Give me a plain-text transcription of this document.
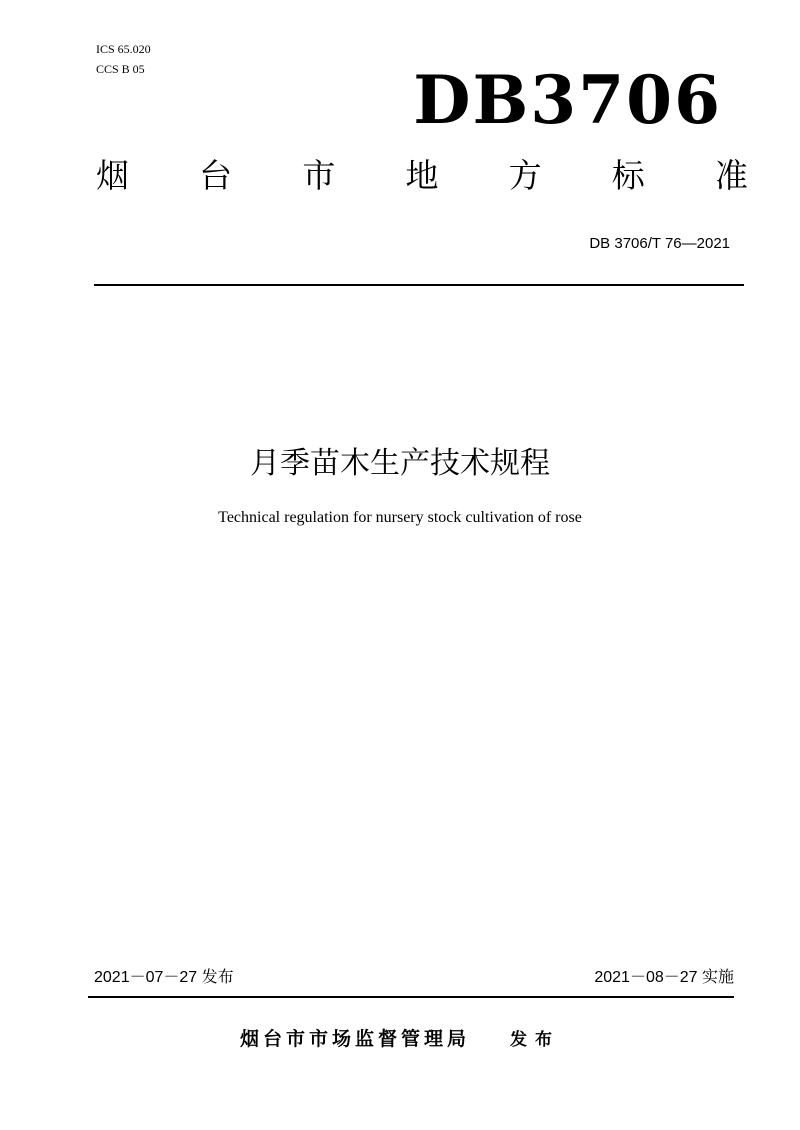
ICS 65.020
CCS B 05	DB3706
烟 台 市 地 方 标 准
DB 3706/T 76—2021
月季苗木生产技术规程
Technical regulation for nursery stock cultivation of rose
2021－07－27 发布	2021－08－27 实施
烟台市市场监督管理局 发布
